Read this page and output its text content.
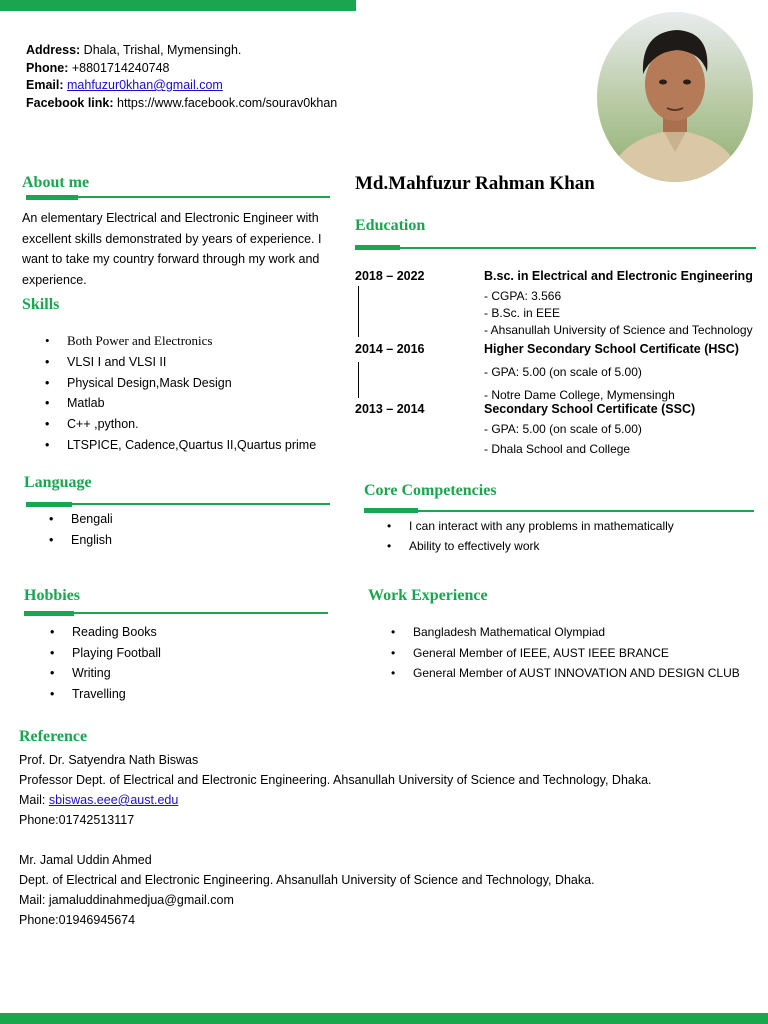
Address: Dhala, Trishal, Mymensingh.
Phone: +8801714240748
Email: mahfuzur0khan@gmail.com
Facebook link: https://www.facebook.com/sourav0khan
Md.Mahfuzur Rahman Khan
About me
An elementary Electrical and Electronic Engineer with excellent skills demonstrated by years of experience. I want to take my country forward through my work and experience.
Skills
• Both Power and Electronics
• VLSI I and VLSI II
• Physical Design,Mask Design
• Matlab
• C++ ,python.
• LTSPICE, Cadence,Quartus II,Quartus prime
Language
• Bengali
• English
Hobbies
• Reading Books
• Playing Football
• Writing
• Travelling
Education
2018 – 2022	B.sc. in Electrical and Electronic Engineering
- CGPA: 3.566
- B.Sc. in EEE
- Ahsanullah University of Science and Technology
2014 – 2016	Higher Secondary School Certificate (HSC)
- GPA: 5.00 (on scale of 5.00)
- Notre Dame College, Mymensingh
2013 – 2014	Secondary School Certificate (SSC)
- GPA: 5.00 (on scale of 5.00)
- Dhala School and College
Core Competencies
• I can interact with any problems in mathematically
• Ability to effectively work
Work Experience
• Bangladesh Mathematical Olympiad
• General Member of IEEE, AUST IEEE BRANCE
• General Member of AUST INNOVATION AND DESIGN CLUB
Reference
Prof. Dr. Satyendra Nath Biswas
Professor Dept. of Electrical and Electronic Engineering. Ahsanullah University of Science and Technology, Dhaka.
Mail: sbiswas.eee@aust.edu
Phone:01742513117
Mr. Jamal Uddin Ahmed
Dept. of Electrical and Electronic Engineering. Ahsanullah University of Science and Technology, Dhaka.
Mail: jamaluddinahmedjua@gmail.com
Phone:01946945674
